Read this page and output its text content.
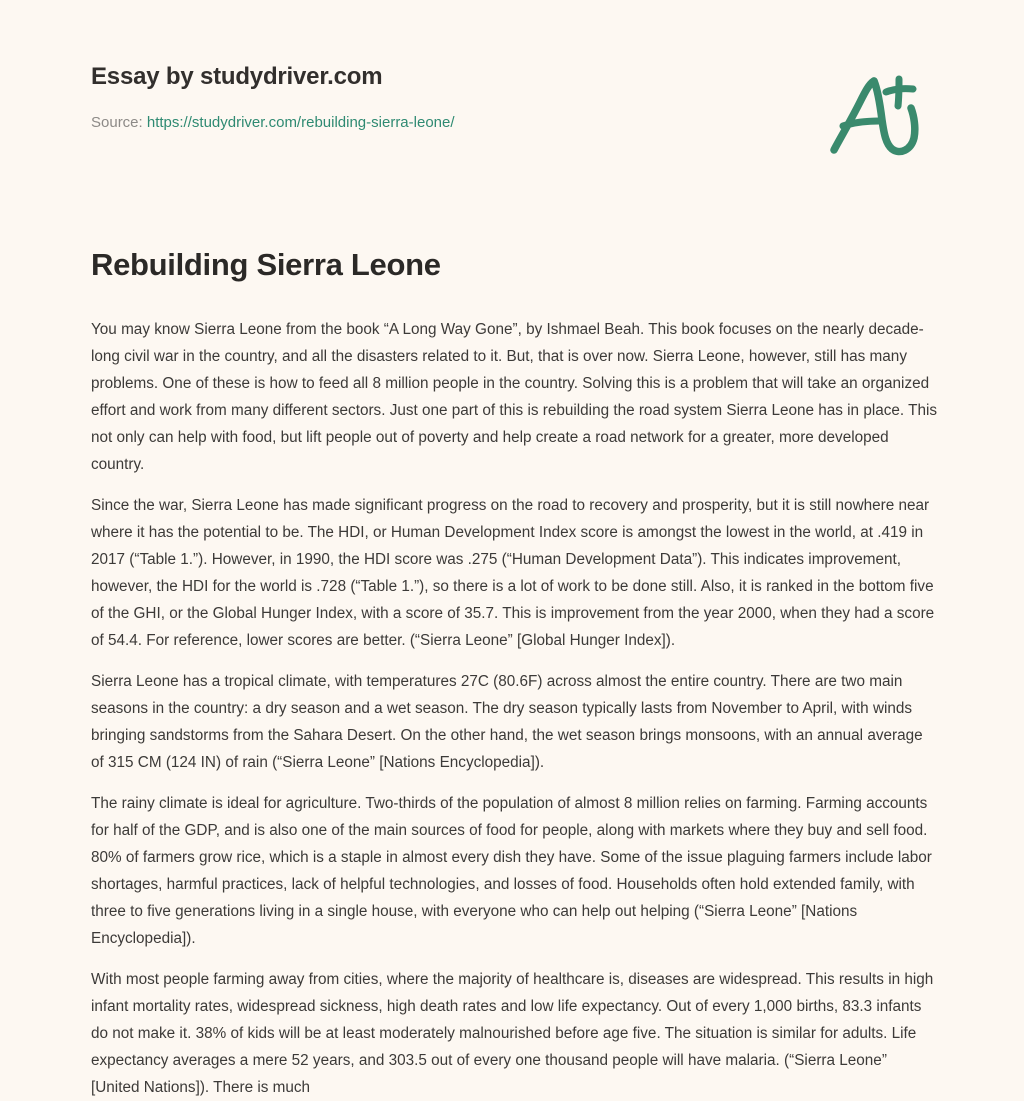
Essay by studydriver.com
Source: https://studydriver.com/rebuilding-sierra-leone/
Rebuilding Sierra Leone

You may know Sierra Leone from the book “A Long Way Gone”, by Ishmael Beah. This book focuses on the nearly decade-long civil war in the country, and all the disasters related to it. But, that is over now. Sierra Leone, however, still has many problems. One of these is how to feed all 8 million people in the country. Solving this is a problem that will take an organized effort and work from many different sectors. Just one part of this is rebuilding the road system Sierra Leone has in place. This not only can help with food, but lift people out of poverty and help create a road network for a greater, more developed country.

Since the war, Sierra Leone has made significant progress on the road to recovery and prosperity, but it is still nowhere near where it has the potential to be. The HDI, or Human Development Index score is amongst the lowest in the world, at .419 in 2017 (“Table 1.”). However, in 1990, the HDI score was .275 (“Human Development Data”). This indicates improvement, however, the HDI for the world is .728 (“Table 1.”), so there is a lot of work to be done still. Also, it is ranked in the bottom five of the GHI, or the Global Hunger Index, with a score of 35.7. This is improvement from the year 2000, when they had a score of 54.4. For reference, lower scores are better. (“Sierra Leone” [Global Hunger Index]).

Sierra Leone has a tropical climate, with temperatures 27C (80.6F) across almost the entire country. There are two main seasons in the country: a dry season and a wet season. The dry season typically lasts from November to April, with winds bringing sandstorms from the Sahara Desert. On the other hand, the wet season brings monsoons, with an annual average of 315 CM (124 IN) of rain (“Sierra Leone” [Nations Encyclopedia]).

The rainy climate is ideal for agriculture. Two-thirds of the population of almost 8 million relies on farming. Farming accounts for half of the GDP, and is also one of the main sources of food for people, along with markets where they buy and sell food. 80% of farmers grow rice, which is a staple in almost every dish they have. Some of the issue plaguing farmers include labor shortages, harmful practices, lack of helpful technologies, and losses of food. Households often hold extended family, with three to five generations living in a single house, with everyone who can help out helping (“Sierra Leone” [Nations Encyclopedia]).

With most people farming away from cities, where the majority of healthcare is, diseases are widespread. This results in high infant mortality rates, widespread sickness, high death rates and low life expectancy. Out of every 1,000 births, 83.3 infants do not make it. 38% of kids will be at least moderately malnourished before age five. The situation is similar for adults. Life expectancy averages a mere 52 years, and 303.5 out of every one thousand people will have malaria. (“Sierra Leone” [United Nations]). There is much
